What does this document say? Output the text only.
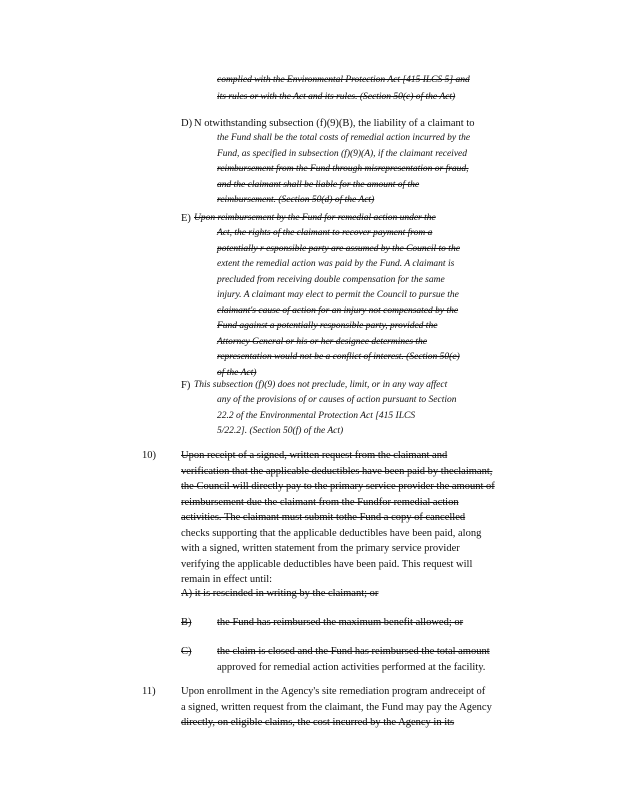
complied with the Environmental Protection Act [415 ILCS 5] and
its rules or with the Act and its rules. (Section 50(c) of the Act)
D) N otwithstanding subsection (f)(9)(B), the liability of a claimant to
the Fund shall be the total costs of remedial action incurred by the
Fund, as specified in subsection (f)(9)(A), if the claimant received
reimbursement from the Fund through misrepresentation or fraud,
and the claimant shall be liable for the amount of the
reimbursement. (Section 50(d) of the Act)
E) Upon reimbursement by the Fund for remedial action under the
Act, the rights of the claimant to recover payment from a
potentially r esponsible party are assumed by the Council to the
extent the remedial action was paid by the Fund. A claimant is
precluded from receiving double compensation for the same
injury. A claimant may elect to permit the Council to pursue the
claimant's cause of action for an injury not compensated by the
Fund against a potentially responsible party, provided the
Attorney General or his or her designee determines the
representation would not be a conflict of interest. (Section 50(e)
of the Act)
F) This subsection (f)(9) does not preclude, limit, or in any way affect
any of the provisions of or causes of action pursuant to Section
22.2 of the Environmental Protection Act [415 ILCS
5/22.2]. (Section 50(f) of the Act)
10) Upon receipt of a signed, written request from the claimant and
verification that the applicable deductibles have been paid by theclaimant,
the Council will directly pay to the primary service provider the amount of
reimbursement due the claimant from the Fundfor remedial action
activities. The claimant must submit tothe Fund a copy of cancelled
checks supporting that the applicable deductibles have been paid, along
with a signed, written statement from the primary service provider
verifying the applicable deductibles have been paid. This request will
remain in effect until:
A) it is rescinded in writing by the claimant; or
B) the Fund has reimbursed the maximum benefit allowed; or
C) the claim is closed and the Fund has reimbursed the total amount
approved for remedial action activities performed at the facility.
11) Upon enrollment in the Agency's site remediation program andreceipt of
a signed, written request from the claimant, the Fund may pay the Agency
directly, on eligible claims, the cost incurred by the Agency in its
